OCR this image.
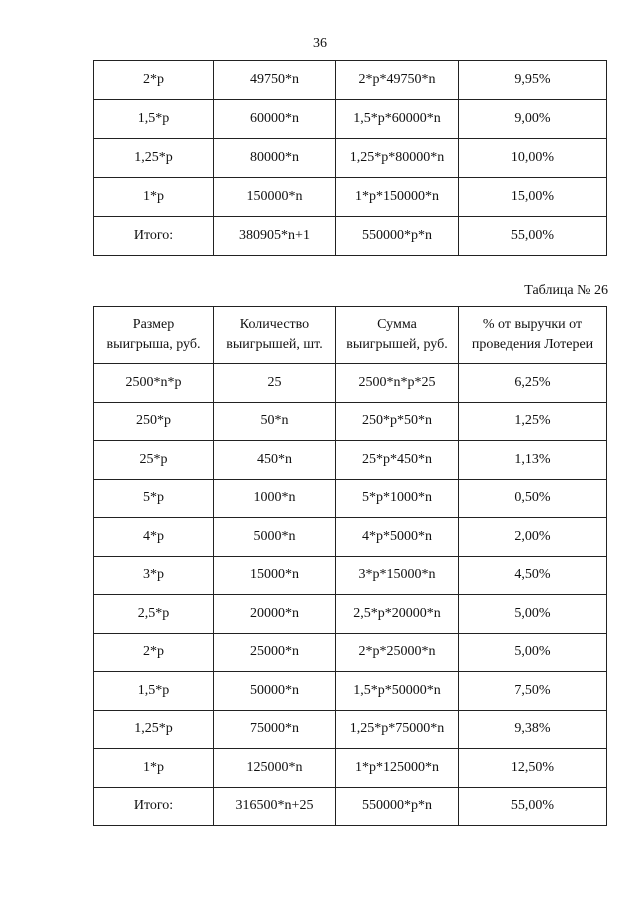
36
2*р	49750*n	2*р*49750*n	9,95%
1,5*р	60000*n	1,5*р*60000*n	9,00%
1,25*р	80000*n	1,25*р*80000*n	10,00%
1*р	150000*n	1*р*150000*n	15,00%
Итого:	380905*n+1	550000*р*n	55,00%
Таблица № 26
Размер выигрыша, руб.	Количество выигрышей, шт.	Сумма выигрышей, руб.	% от выручки от проведения Лотереи
2500*n*р	25	2500*n*р*25	6,25%
250*р	50*n	250*р*50*n	1,25%
25*р	450*n	25*р*450*n	1,13%
5*р	1000*n	5*р*1000*n	0,50%
4*р	5000*n	4*р*5000*n	2,00%
3*р	15000*n	3*р*15000*n	4,50%
2,5*р	20000*n	2,5*р*20000*n	5,00%
2*р	25000*n	2*р*25000*n	5,00%
1,5*р	50000*n	1,5*р*50000*n	7,50%
1,25*р	75000*n	1,25*р*75000*n	9,38%
1*р	125000*n	1*р*125000*n	12,50%
Итого:	316500*n+25	550000*р*n	55,00%
